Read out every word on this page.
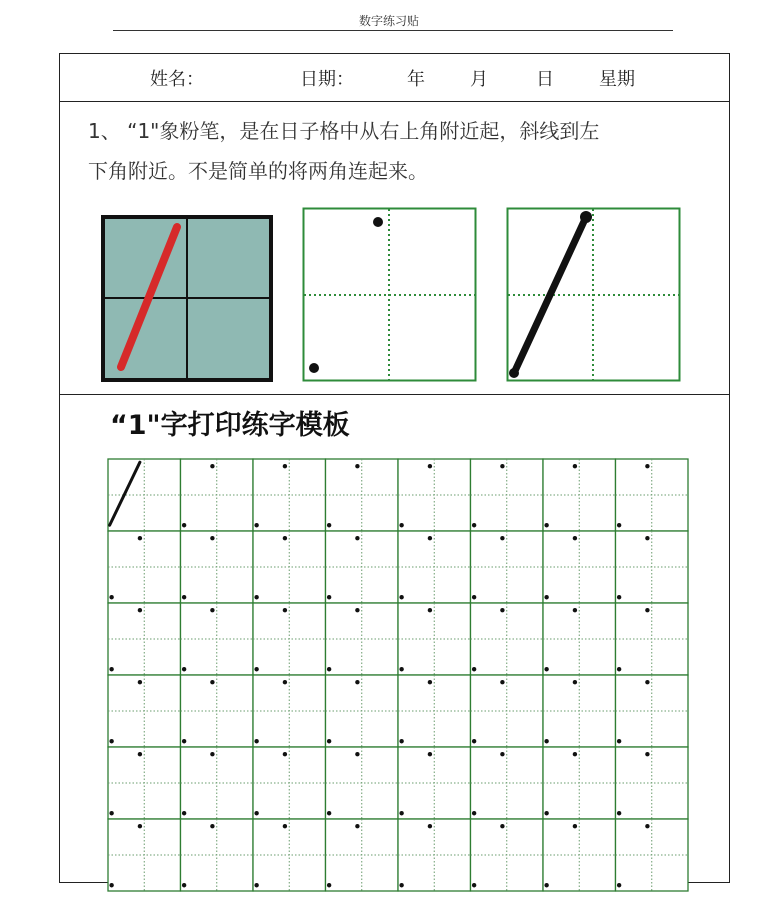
数字练习贴
姓名：	日期：	年	月	日	星期
1、 “1"象粉笔，是在日子格中从右上角附近起，斜线到左
下角附近。不是简单的将两角连起来。
“1"字打印练字模板
